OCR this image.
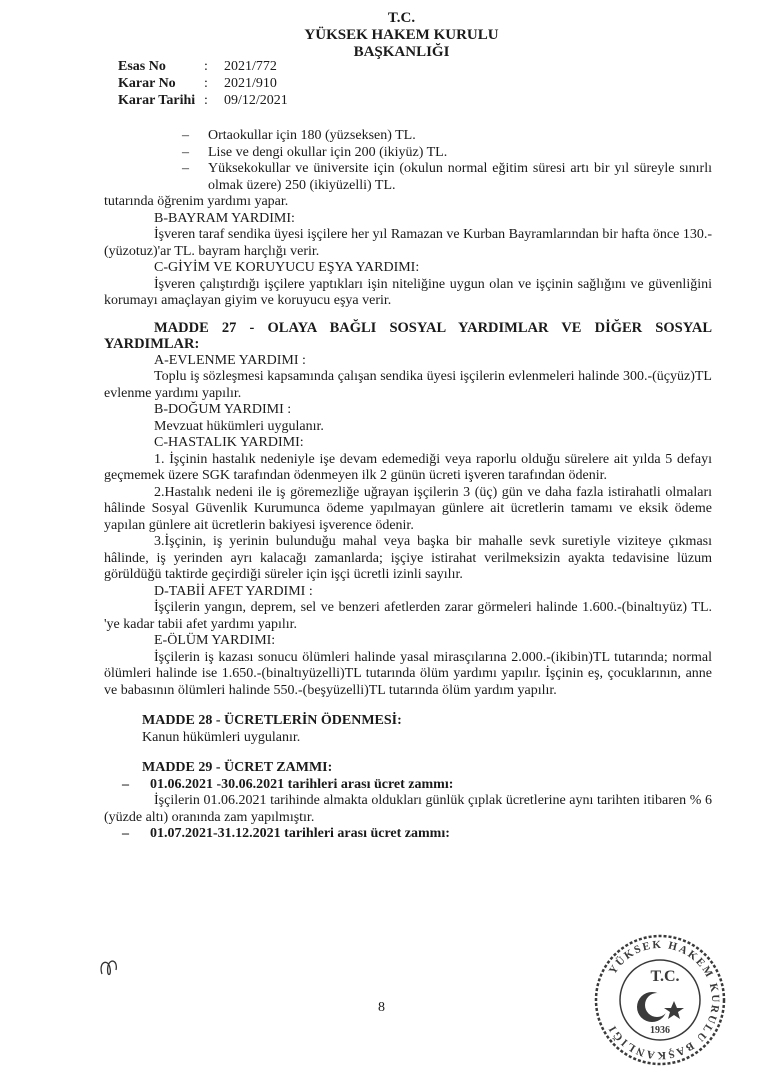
T.C.
YÜKSEK HAKEM KURULU
BAŞKANLIĞI
Esas No	:	2021/772
Karar No	:	2021/910
Karar Tarihi :	09/12/2021

–	Ortaokullar için 180 (yüzseksen) TL.

–	Lise ve dengi okullar için 200 (ikiyüz) TL.

–	Yüksekokullar ve üniversite için (okulun normal eğitim süresi artı bir yıl süreyle sınırlı olmak üzere) 250 (ikiyüzelli) TL.

tutarında öğrenim yardımı yapar.

B-BAYRAM YARDIMI:

İşveren taraf sendika üyesi işçilere her yıl Ramazan ve Kurban Bayramlarından bir hafta önce 130.-(yüzotuz)'ar TL. bayram harçlığı verir.

C-GİYİM VE KORUYUCU EŞYA YARDIMI:

İşveren çalıştırdığı işçilere yaptıkları işin niteliğine uygun olan ve işçinin sağlığını ve güvenliğini korumayı amaçlayan giyim ve koruyucu eşya verir.

MADDE 27 - OLAYA BAĞLI SOSYAL YARDIMLAR VE DİĞER SOSYAL YARDIMLAR:

A-EVLENME YARDIMI :

Toplu iş sözleşmesi kapsamında çalışan sendika üyesi işçilerin evlenmeleri halinde 300.-(üçyüz)TL evlenme yardımı yapılır.

B-DOĞUM YARDIMI :

Mevzuat hükümleri uygulanır.

C-HASTALIK YARDIMI:

1. İşçinin hastalık nedeniyle işe devam edemediği veya raporlu olduğu sürelere ait yılda 5 defayı geçmemek üzere SGK tarafından ödenmeyen ilk 2 günün ücreti işveren tarafından ödenir.

2.Hastalık nedeni ile iş göremezliğe uğrayan işçilerin 3 (üç) gün ve daha fazla istirahatli olmaları hâlinde Sosyal Güvenlik Kurumunca ödeme yapılmayan günlere ait ücretlerin tamamı ve eksik ödeme yapılan günlere ait ücretlerin bakiyesi işverence ödenir.

3.İşçinin, iş yerinin bulunduğu mahal veya başka bir mahalle sevk suretiyle viziteye çıkması hâlinde, iş yerinden ayrı kalacağı zamanlarda; işçiye istirahat verilmeksizin ayakta tedavisine lüzum görüldüğü taktirde geçirdiği süreler için işçi ücretli izinli sayılır.

D-TABİİ AFET YARDIMI :

İşçilerin yangın, deprem, sel ve benzeri afetlerden zarar görmeleri halinde 1.600.-(binaltıyüz) TL. 'ye kadar tabii afet yardımı yapılır.

E-ÖLÜM YARDIMI:

İşçilerin iş kazası sonucu ölümleri halinde yasal mirasçılarına 2.000.-(ikibin)TL tutarında; normal ölümleri halinde ise 1.650.-(binaltıyüzelli)TL tutarında ölüm yardımı yapılır. İşçinin eş, çocuklarının, anne ve babasının ölümleri halinde 550.-(beşyüzelli)TL tutarında ölüm yardım yapılır.

MADDE 28 - ÜCRETLERİN ÖDENMESİ:

Kanun hükümleri uygulanır.

MADDE 29 - ÜCRET ZAMMI:

–	01.06.2021 -30.06.2021 tarihleri arası ücret zammı:

İşçilerin 01.06.2021 tarihinde almakta oldukları günlük çıplak ücretlerine aynı tarihten itibaren % 6 (yüzde altı) oranında zam yapılmıştır.

–	01.07.2021-31.12.2021 tarihleri arası ücret zammı:

8
YÜKSEK HAKEM KURULU BAŞKANLIĞI
T.C.
1936
